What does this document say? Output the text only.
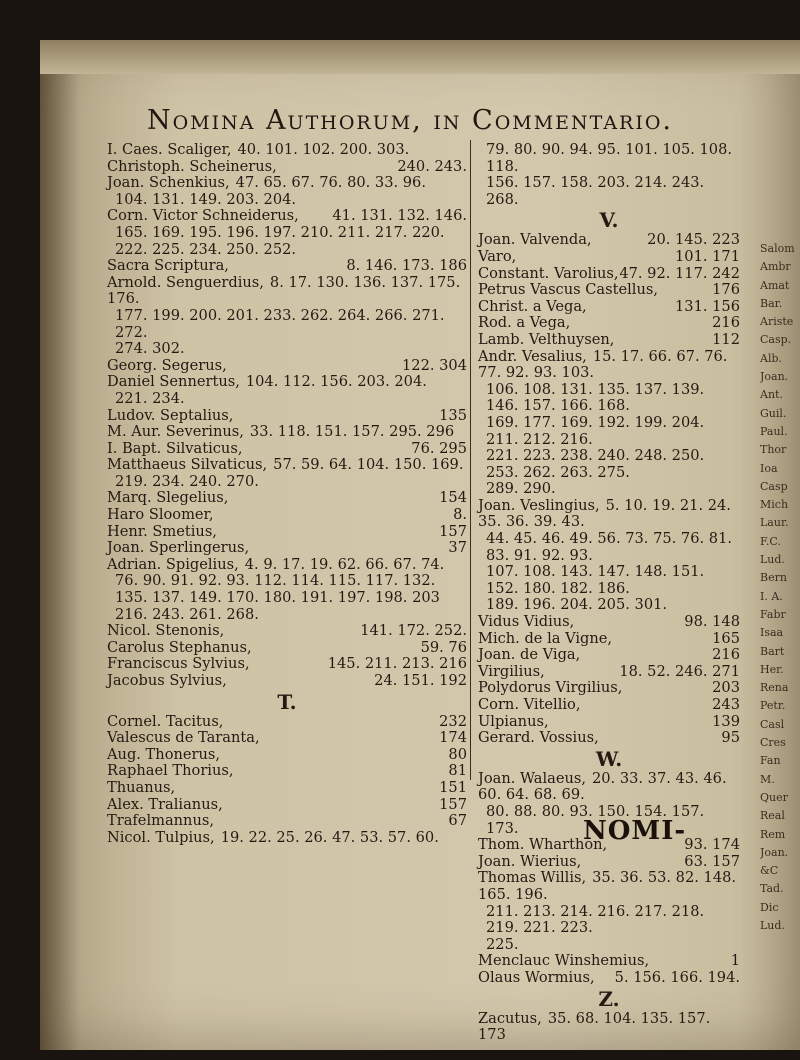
Nomina Authorum, in Commentario.
I. Caes. Scaliger, 40. 101. 102. 200. 303.
Christoph. Scheinerus,	240. 243.
Joan. Schenkius, 47. 65. 67. 76. 80. 33. 96.
104. 131. 149. 203. 204.
Corn. Victor Schneiderus, 41. 131. 132. 146.
165. 169. 195. 196. 197. 210. 211. 217. 220.
222. 225. 234. 250. 252.
Sacra Scriptura,	8. 146. 173. 186
Arnold. Senguerdius, 8. 17. 130. 136. 137. 175. 176.
177. 199. 200. 201. 233. 262. 264. 266. 271. 272.
274. 302.
Georg. Segerus,	122. 304
Daniel Sennertus, 104. 112. 156. 203. 204.
221. 234.
Ludov. Septalius,	135
M. Aur. Severinus, 33. 118. 151. 157. 295. 296
I. Bapt. Silvaticus,	76. 295
Matthaeus Silvaticus, 57. 59. 64. 104. 150. 169.
219. 234. 240. 270.
Marq. Slegelius,	154
Haro Sloomer,	8.
Henr. Smetius,	157
Joan. Sperlingerus,	37
Adrian. Spigelius, 4. 9. 17. 19. 62. 66. 67. 74.
76. 90. 91. 92. 93. 112. 114. 115. 117. 132.
135. 137. 149. 170. 180. 191. 197. 198. 203
216. 243. 261. 268.
Nicol. Stenonis,	141. 172. 252.
Carolus Stephanus,	59. 76
Franciscus Sylvius,	145. 211. 213. 216
Jacobus Sylvius,	24. 151. 192
T.
Cornel. Tacitus,	232
Valescus de Taranta,	174
Aug. Thonerus,	80
Raphael Thorius,	81
Thuanus,	151
Alex. Tralianus,	157
Trafelmannus,	67
Nicol. Tulpius, 19. 22. 25. 26. 47. 53. 57. 60.
79. 80. 90. 94. 95. 101. 105. 108. 118.
156. 157. 158. 203. 214. 243. 268.
V.
Joan. Valvenda,	20. 145. 223
Varo,	101. 171
Constant. Varolius, 47. 92. 117. 242
Petrus Vascus Castellus,	176
Christ. a Vega,	131. 156
Rod. a Vega,	216
Lamb. Velthuysen,	112
Andr. Vesalius, 15. 17. 66. 67. 76. 77. 92. 93. 103.
106. 108. 131. 135. 137. 139. 146. 157. 166. 168.
169. 177. 169. 192. 199. 204. 211. 212. 216.
221. 223. 238. 240. 248. 250. 253. 262. 263. 275.
289. 290.
Joan. Veslingius, 5. 10. 19. 21. 24. 35. 36. 39. 43.
44. 45. 46. 49. 56. 73. 75. 76. 81. 83. 91. 92. 93.
107. 108. 143. 147. 148. 151. 152. 180. 182. 186.
189. 196. 204. 205. 301.
Vidus Vidius,	98. 148
Mich. de la Vigne,	165
Joan. de Viga,	216
Virgilius,	18. 52. 246. 271
Polydorus Virgilius,	203
Corn. Vitellio,	243
Ulpianus,	139
Gerard. Vossius,	95
W.
Joan. Walaeus, 20. 33. 37. 43. 46. 60. 64. 68. 69.
80. 88. 80. 93. 150. 154. 157. 173.
Thom. Wharthon,	93. 174
Joan. Wierius,	63. 157
Thomas Willis, 35. 36. 53. 82. 148. 165. 196.
211. 213. 214. 216. 217. 218. 219. 221. 223.
225.
Menclauc Winshemius,	1
Olaus Wormius, 5. 156. 166. 194.
Z.
Zacutus, 35. 68. 104. 135. 157. 173
NOMI-
Salom
Ambr
Amat
Bar.
Ariste
Casp.
Alb.
Joan.
Ant.
Guil.
Paul.
Thor
Ioa
Casp
Mich
Laur.
F.C.
Lud.
Bern
I. A.
Fabr
Isaa
Bart
Her.
Rena
Petr.
Casl
Cres
Fan
M.
Quer
Real
Rem
Joan.
&C
Tad.
Dic
Lud.
